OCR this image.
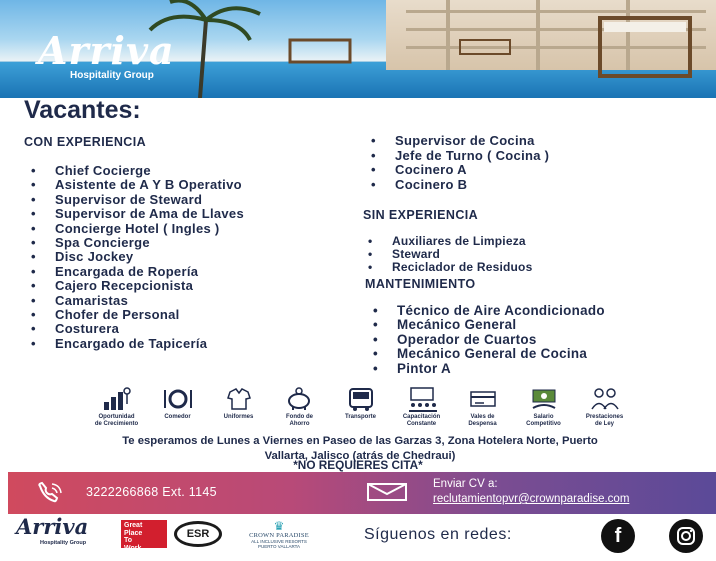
Arriva
Hospitality Group
Vacantes:
CON EXPERIENCIA
SIN EXPERIENCIA
MANTENIMIENTO
• Chief Cocierge
• Asistente de A Y B Operativo
• Supervisor de Steward
• Supervisor de Ama de Llaves
• Concierge Hotel ( Ingles )
• Spa Concierge
• Disc Jockey
• Encargada de Ropería
• Cajero Recepcionista
• Camaristas
• Chofer de Personal
• Costurera
• Encargado de Tapicería
• Supervisor de Cocina
• Jefe de Turno ( Cocina )
• Cocinero A
• Cocinero B
• Auxiliares de Limpieza
• Steward
• Reciclador de Residuos
• Técnico de Aire Acondicionado
• Mecánico General
• Operador de Cuartos
• Mecánico General de Cocina
• Pintor A
Oportunidad
de Crecimiento
Comedor	Uniformes	Fondo de
Ahorro
Transporte	Capacitación
Constante
Vales de
Despensa
Salario
Competitivo
Prestaciones
de Ley
Te esperamos de Lunes a Viernes en Paseo de las Garzas 3, Zona Hotelera Norte, Puerto
Vallarta, Jalisco (atrás de Chedraui)
*NO REQUIERES CITA*
3222266868 Ext. 1145
Enviar CV a:
reclutamientopvr@crownparadise.com
Arriva
Hospitality Group
Great
Place
To
Work.
ESR
♛
CROWN PARADISE
ALL INCLUSIVE RESORTS
PUERTO VALLARTA
Síguenos en redes:	f
